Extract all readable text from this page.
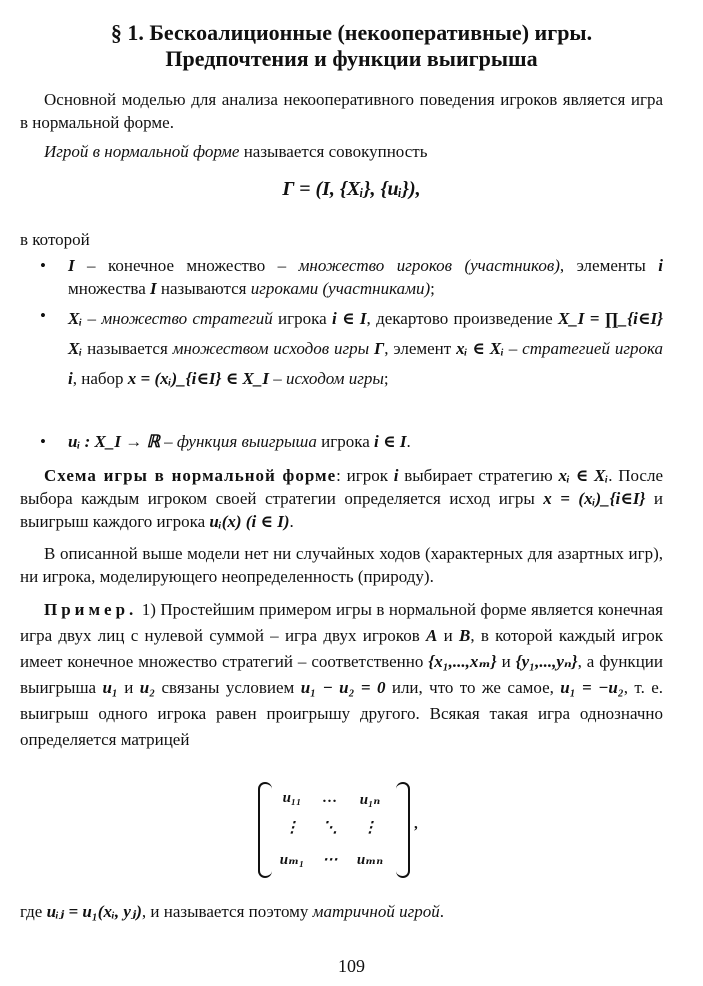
§ 1. Бескоалиционные (некооперативные) игры.
Предпочтения и функции выигрыша
Основной моделью для анализа некооперативного поведения игроков является игра в нормальной форме.
Игрой в нормальной форме называется совокупность
Γ = (I, {Xᵢ}, {uᵢ}),
в которой
• I – конечное множество – множество игроков (участников), элементы i множества I называются игроками (участниками);
• Xᵢ – множество стратегий игрока i ∈ I, декартово произведение X_I = ∏_{i∈I} Xᵢ называется множеством исходов игры Γ, элемент xᵢ ∈ Xᵢ – стратегией игрока i, набор x = (xᵢ)_{i∈I} ∈ X_I – исходом игры;
• uᵢ : X_I → ℝ – функция выигрыша игрока i ∈ I.
Схема игры в нормальной форме: игрок i выбирает стратегию xᵢ ∈ Xᵢ. После выбора каждым игроком своей стратегии определяется исход игры x = (xᵢ)_{i∈I} и выигрыш каждого игрока uᵢ(x) (i ∈ I).
В описанной выше модели нет ни случайных ходов (характерных для азартных игр), ни игрока, моделирующего неопределенность (природу).
Пример. 1) Простейшим примером игры в нормальной форме является конечная игра двух лиц с нулевой суммой – игра двух игроков A и B, в которой каждый игрок имеет конечное множество стратегий – соответственно {x₁,...,xₘ} и {y₁,...,yₙ}, а функции выигрыша u₁ и u₂ связаны условием u₁ − u₂ = 0 или, что то же самое, u₁ = −u₂, т. е. выигрыш одного игрока равен проигрышу другого. Всякая такая игра однозначно определяется матрицей
u₁₁	…	u₁ₙ
⋮	⋱	⋮
uₘ₁	⋯	uₘₙ
,
где uᵢⱼ = u₁(xᵢ, yⱼ), и называется поэтому матричной игрой.
109
